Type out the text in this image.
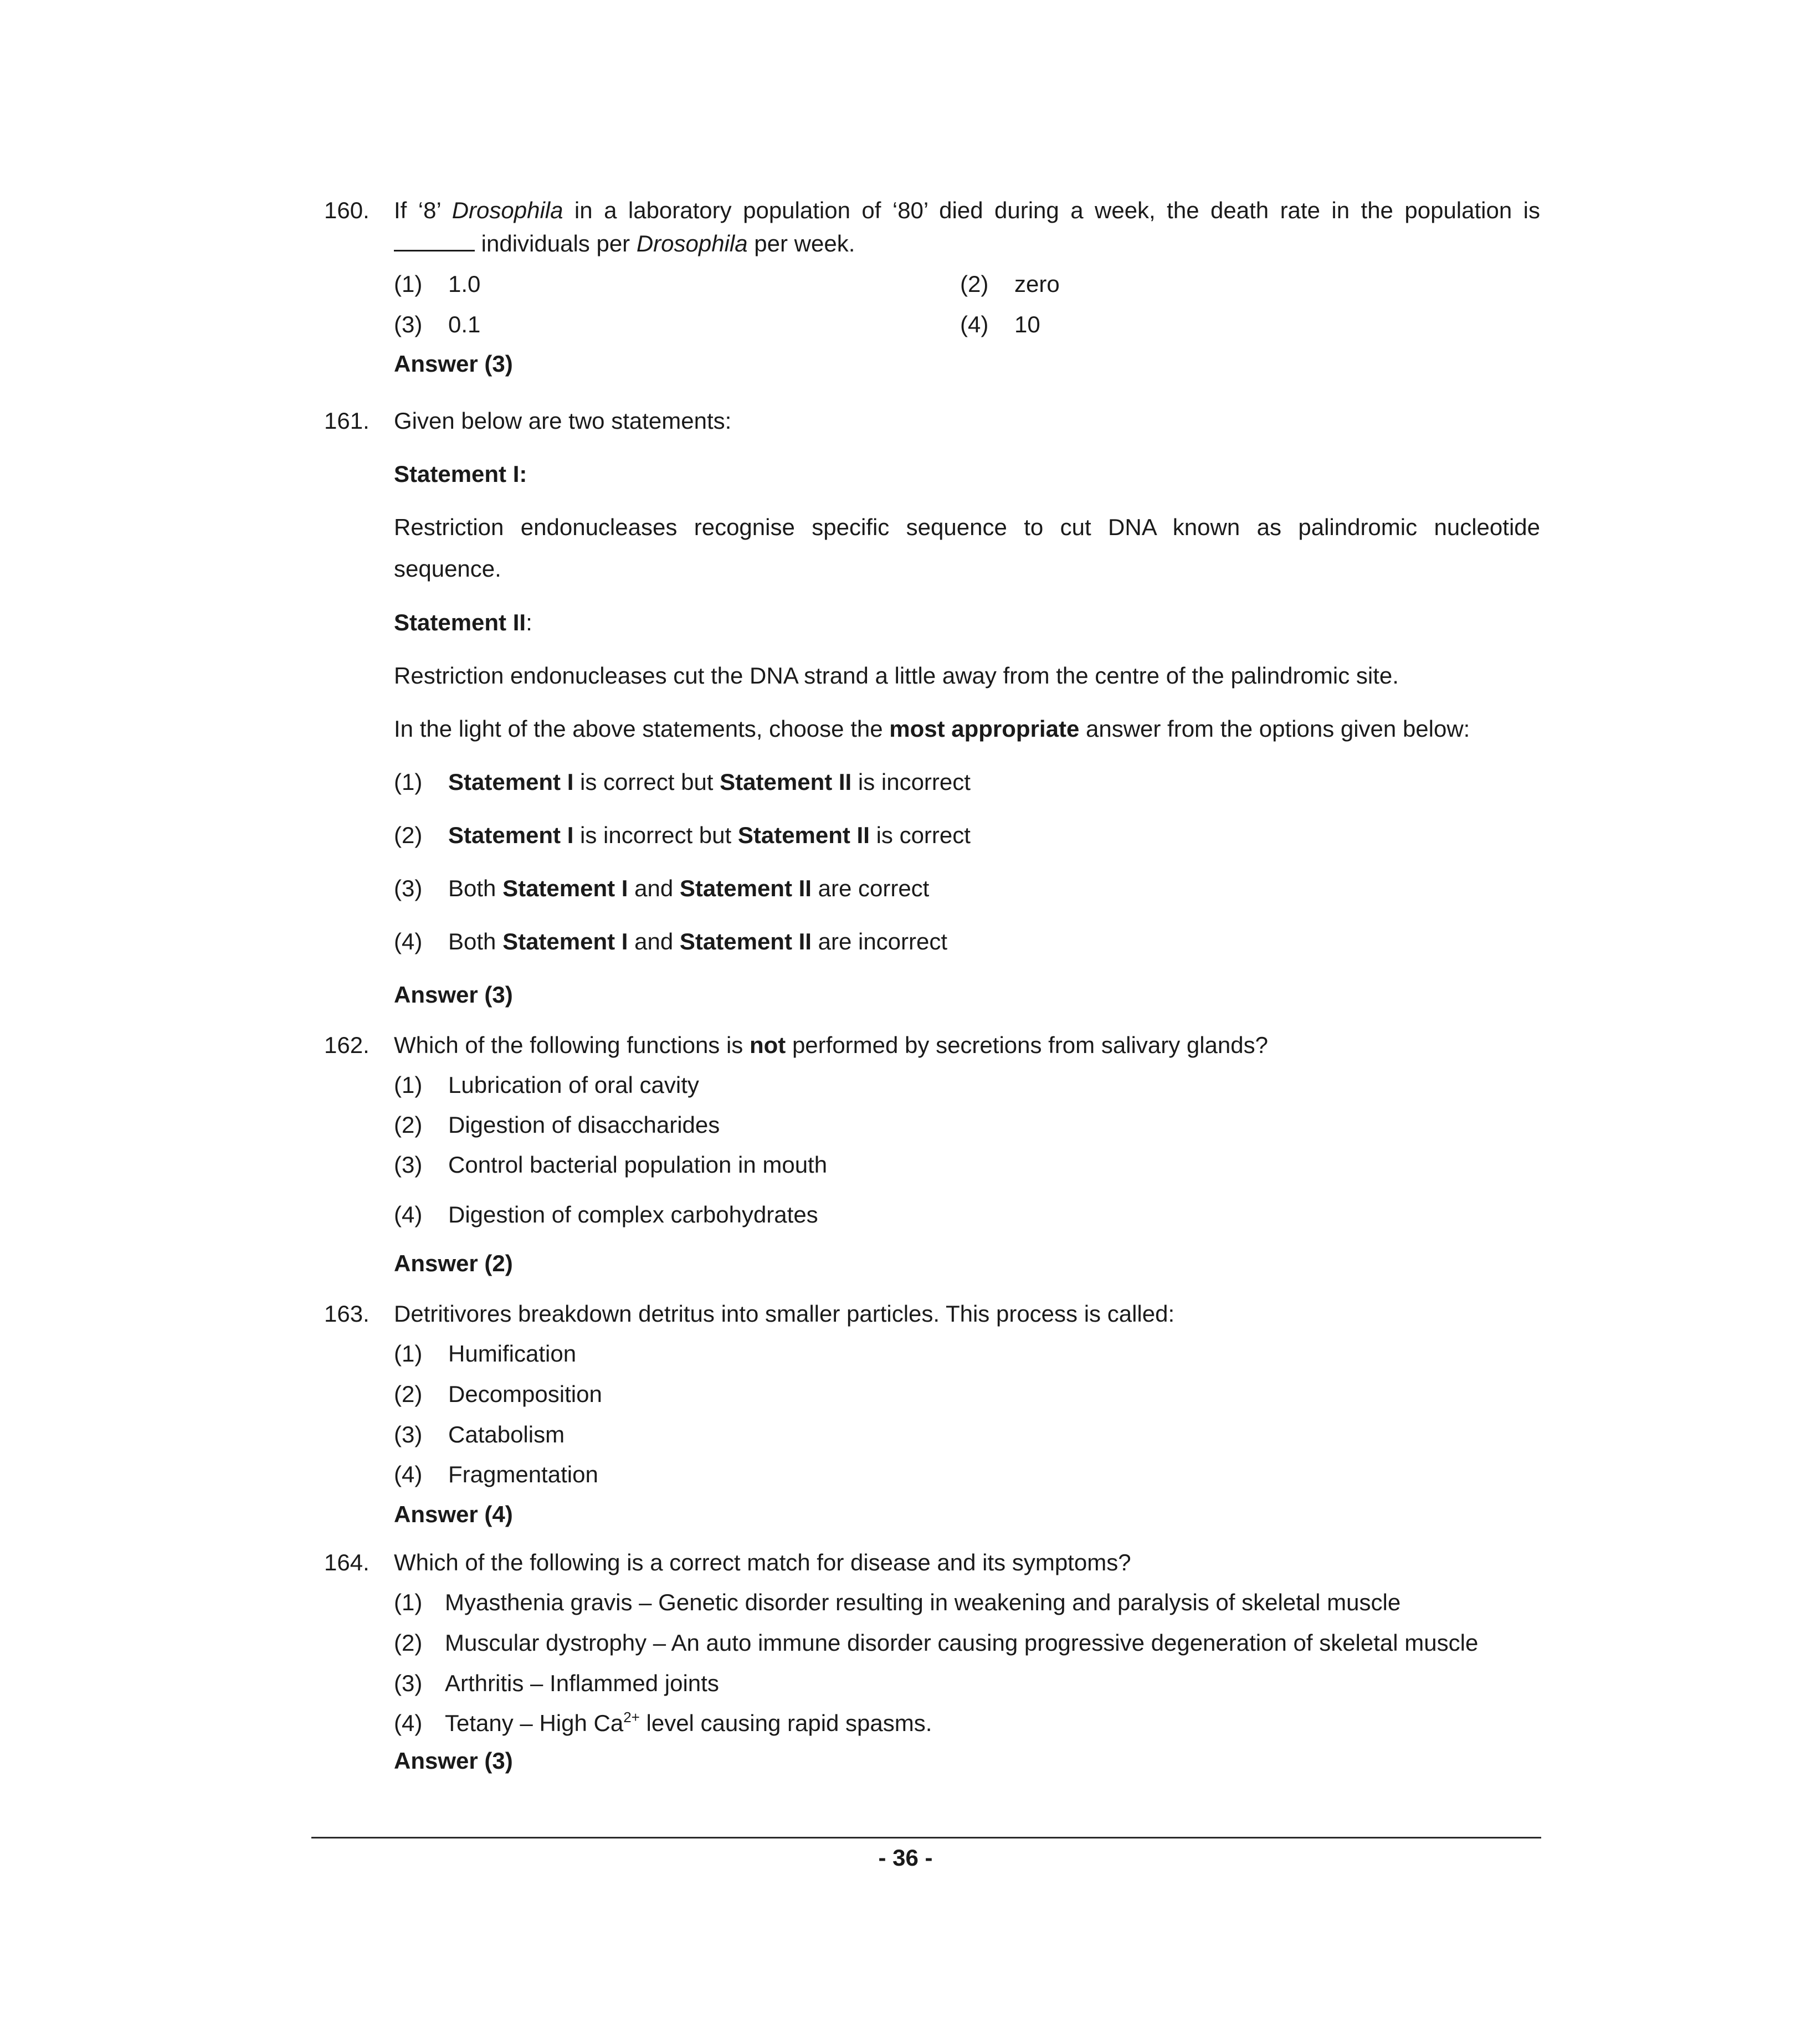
160.	If ‘8’ Drosophila in a laboratory population of ‘80’ died during a week, the death rate in the population is
individuals per Drosophila per week.
(1) 1.0	(2) zero
(3) 0.1	(4) 10
Answer (3)
161.	Given below are two statements:
Statement I:
Restriction endonucleases recognise specific sequence to cut DNA known as palindromic nucleotide
sequence.
Statement II:
Restriction endonucleases cut the DNA strand a little away from the centre of the palindromic site.
In the light of the above statements, choose the most appropriate answer from the options given below:
(1) Statement I is correct but Statement II is incorrect
(2) Statement I is incorrect but Statement II is correct
(3) Both Statement I and Statement II are correct
(4) Both Statement I and Statement II are incorrect
Answer (3)
162.	Which of the following functions is not performed by secretions from salivary glands?
(1) Lubrication of oral cavity
(2) Digestion of disaccharides
(3) Control bacterial population in mouth
(4) Digestion of complex carbohydrates
Answer (2)
163.	Detritivores breakdown detritus into smaller particles. This process is called:
(1) Humification
(2) Decomposition
(3) Catabolism
(4) Fragmentation
Answer (4)
164.	Which of the following is a correct match for disease and its symptoms?
(1) Myasthenia gravis – Genetic disorder resulting in weakening and paralysis of skeletal muscle
(2) Muscular dystrophy – An auto immune disorder causing progressive degeneration of skeletal muscle
(3) Arthritis – Inflammed joints
(4) Tetany – High $Ca^{2+}$ level causing rapid spasms.
Answer (3)
- 36 -
